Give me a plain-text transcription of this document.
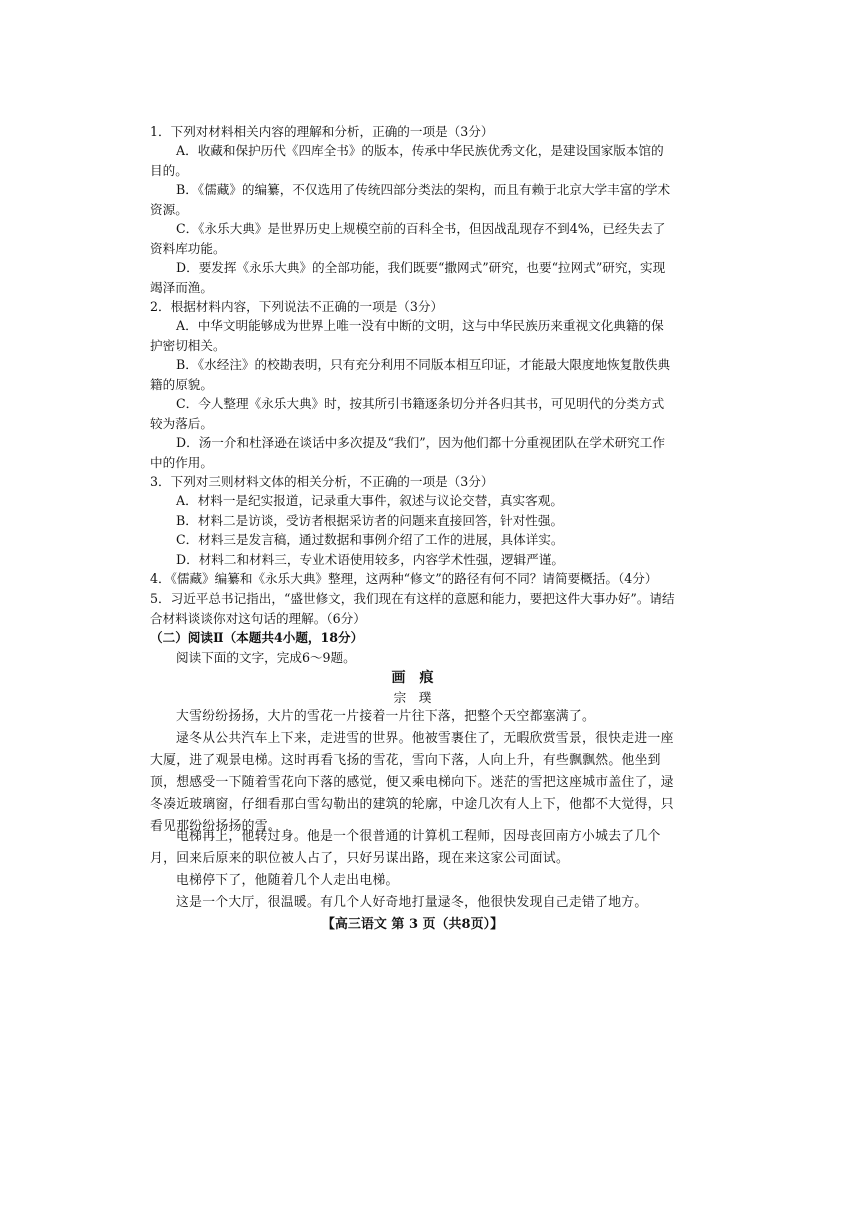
1．下列对材料相关内容的理解和分析，正确的一项是（3分）

A．收藏和保护历代《四库全书》的版本，传承中华民族优秀文化，是建设国家版本馆的目的。

B．《儒藏》的编纂，不仅选用了传统四部分类法的架构，而且有赖于北京大学丰富的学术资源。

C．《永乐大典》是世界历史上规模空前的百科全书，但因战乱现存不到4%，已经失去了资料库功能。

D．要发挥《永乐大典》的全部功能，我们既要“撒网式”研究，也要“拉网式”研究，实现竭泽而渔。

2．根据材料内容，下列说法不正确的一项是（3分）

A．中华文明能够成为世界上唯一没有中断的文明，这与中华民族历来重视文化典籍的保护密切相关。

B．《水经注》的校勘表明，只有充分利用不同版本相互印证，才能最大限度地恢复散佚典籍的原貌。

C．今人整理《永乐大典》时，按其所引书籍逐条切分并各归其书，可见明代的分类方式较为落后。

D．汤一介和杜泽逊在谈话中多次提及“我们”，因为他们都十分重视团队在学术研究工作中的作用。

3．下列对三则材料文体的相关分析，不正确的一项是（3分）

A．材料一是纪实报道，记录重大事件，叙述与议论交替，真实客观。

B．材料二是访谈，受访者根据采访者的问题来直接回答，针对性强。

C．材料三是发言稿，通过数据和事例介绍了工作的进展，具体详实。

D．材料二和材料三，专业术语使用较多，内容学术性强，逻辑严谨。

4．《儒藏》编纂和《永乐大典》整理，这两种“修文”的路径有何不同？请简要概括。（4分）

5．习近平总书记指出，“盛世修文，我们现在有这样的意愿和能力，要把这件大事办好”。请结合材料谈谈你对这句话的理解。（6分）

（二）阅读Ⅱ（本题共4小题，18分）

阅读下面的文字，完成6～9题。

画　痕

宗　璞

大雪纷纷扬扬，大片的雪花一片接着一片往下落，把整个天空都塞满了。

逯冬从公共汽车上下来，走进雪的世界。他被雪裹住了，无暇欣赏雪景，很快走进一座大厦，进了观景电梯。这时再看飞扬的雪花，雪向下落，人向上升，有些飘飘然。他坐到顶，想感受一下随着雪花向下落的感觉，便又乘电梯向下。迷茫的雪把这座城市盖住了，逯冬凑近玻璃窗，仔细看那白雪勾勒出的建筑的轮廓，中途几次有人上下，他都不大觉得，只看见那纷纷扬扬的雪。

电梯再上，他转过身。他是一个很普通的计算机工程师，因母丧回南方小城去了几个月，回来后原来的职位被人占了，只好另谋出路，现在来这家公司面试。

电梯停下了，他随着几个人走出电梯。

这是一个大厅，很温暖。有几个人好奇地打量逯冬，他很快发现自己走错了地方。

【高三语文 第 3 页（共8页）】
